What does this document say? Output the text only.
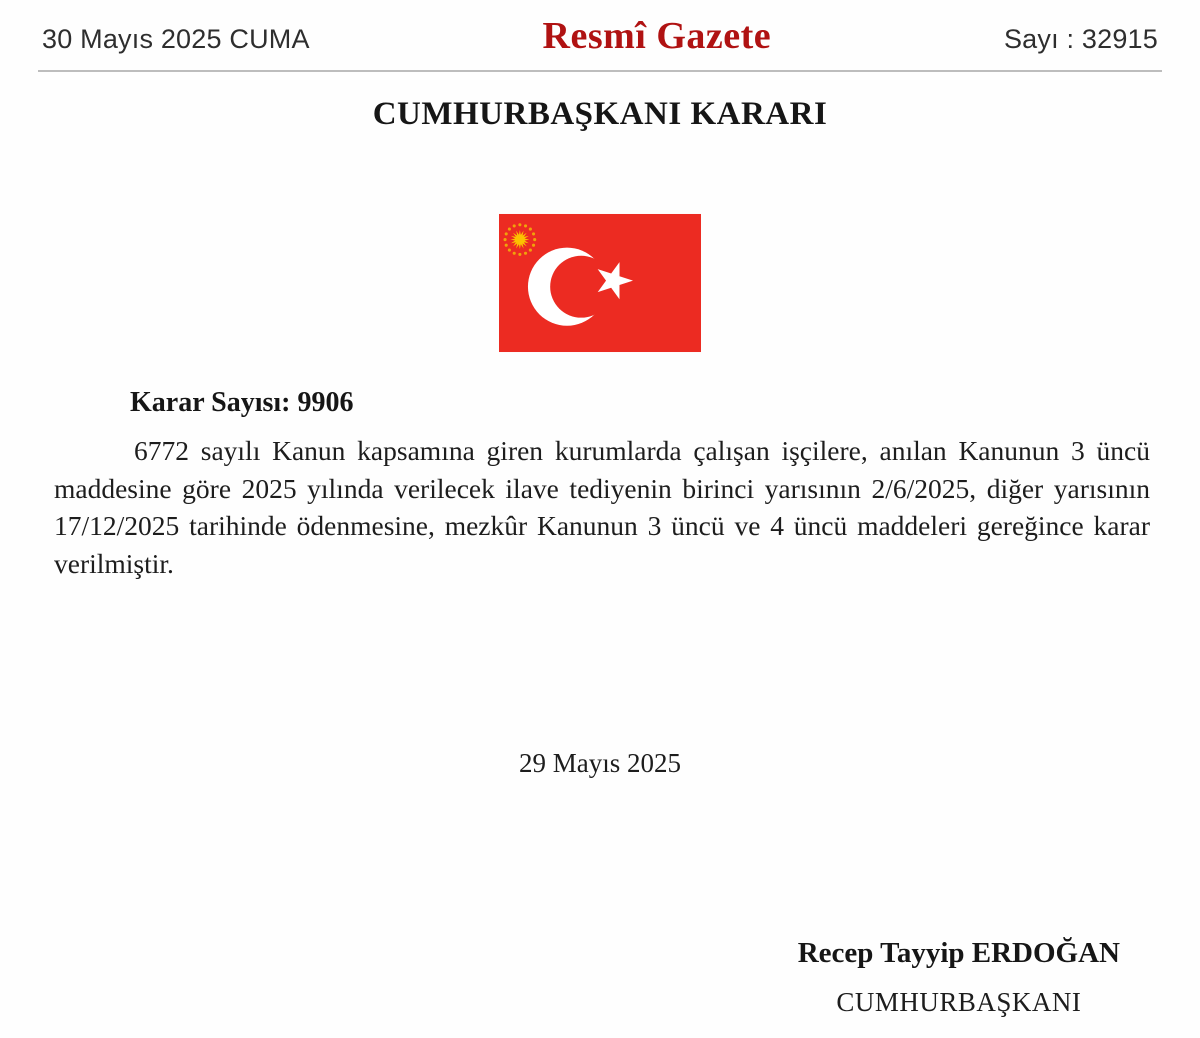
30 Mayıs 2025 CUMA	Resmî Gazete	Sayı : 32915
CUMHURBAŞKANI KARARI
Karar Sayısı: 9906

6772 sayılı Kanun kapsamına giren kurumlarda çalışan işçilere, anılan Kanunun 3 üncü maddesine göre 2025 yılında verilecek ilave tediyenin birinci yarısının 2/6/2025, diğer yarısının 17/12/2025 tarihinde ödenmesine, mezkûr Kanunun 3 üncü ve 4 üncü maddeleri gereğince karar verilmiştir.

29 Mayıs 2025
Recep Tayyip ERDOĞAN
CUMHURBAŞKANI
